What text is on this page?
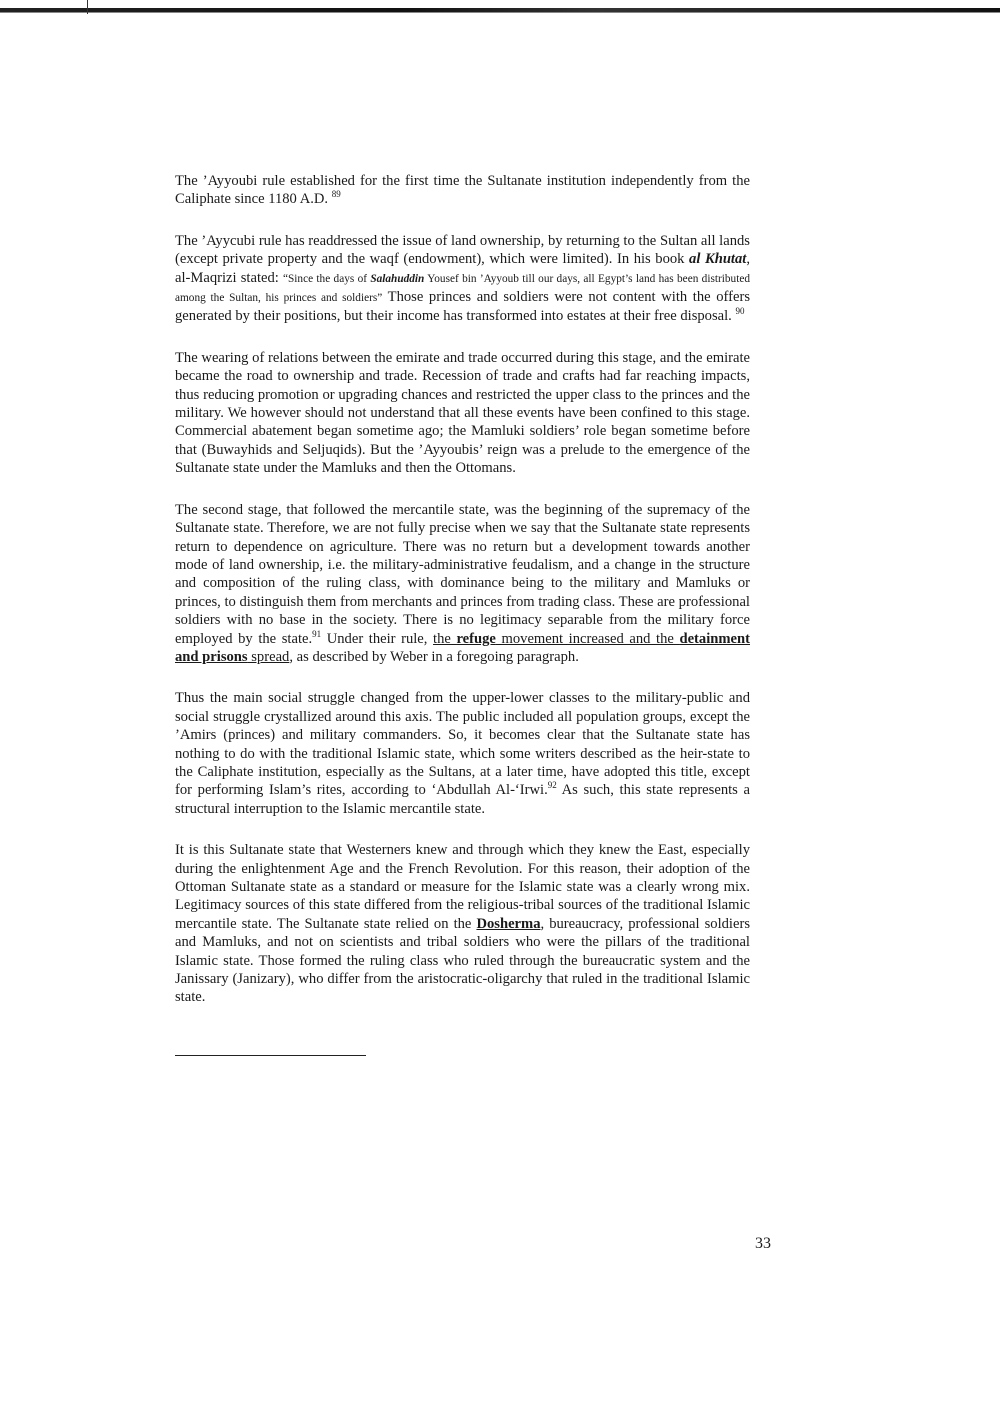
The ’Ayyoubi rule established for the first time the Sultanate institution independently from the Caliphate since 1180 A.D. $^{89}$

The ’Ayycubi rule has readdressed the issue of land ownership, by returning to the Sultan all lands (except private property and the waqf (endowment), which were limited). In his book al Khutat, al-Maqrizi stated: “Since the days of Salahuddin Yousef bin ’Ayyoub till our days, all Egypt’s land has been distributed among the Sultan, his princes and soldiers” Those princes and soldiers were not content with the offers generated by their positions, but their income has transformed into estates at their free disposal. $^{90}$

The wearing of relations between the emirate and trade occurred during this stage, and the emirate became the road to ownership and trade. Recession of trade and crafts had far reaching impacts, thus reducing promotion or upgrading chances and restricted the upper class to the princes and the military. We however should not understand that all these events have been confined to this stage. Commercial abatement began sometime ago; the Mamluki soldiers’ role began sometime before that (Buwayhids and Seljuqids). But the ’Ayyoubis’ reign was a prelude to the emergence of the Sultanate state under the Mamluks and then the Ottomans.

The second stage, that followed the mercantile state, was the beginning of the supremacy of the Sultanate state. Therefore, we are not fully precise when we say that the Sultanate state represents return to dependence on agriculture. There was no return but a development towards another mode of land ownership, i.e. the military-administrative feudalism, and a change in the structure and composition of the ruling class, with dominance being to the military and Mamluks or princes, to distinguish them from merchants and princes from trading class. These are professional soldiers with no base in the society. There is no legitimacy separable from the military force employed by the state.$^{91}$ Under their rule, the refuge movement increased and the detainment and prisons spread, as described by Weber in a foregoing paragraph.

Thus the main social struggle changed from the upper-lower classes to the military-public and social struggle crystallized around this axis. The public included all population groups, except the ’Amirs (princes) and military commanders. So, it becomes clear that the Sultanate state has nothing to do with the traditional Islamic state, which some writers described as the heir-state to the Caliphate institution, especially as the Sultans, at a later time, have adopted this title, except for performing Islam’s rites, according to ‘Abdullah Al-‘Irwi.$^{92}$ As such, this state represents a structural interruption to the Islamic mercantile state.

It is this Sultanate state that Westerners knew and through which they knew the East, especially during the enlightenment Age and the French Revolution. For this reason, their adoption of the Ottoman Sultanate state as a standard or measure for the Islamic state was a clearly wrong mix. Legitimacy sources of this state differed from the religious-tribal sources of the traditional Islamic mercantile state. The Sultanate state relied on the Dosherma, bureaucracy, professional soldiers and Mamluks, and not on scientists and tribal soldiers who were the pillars of the traditional Islamic state. Those formed the ruling class who ruled through the bureaucratic system and the Janissary (Janizary), who differ from the aristocratic-oligarchy that ruled in the traditional Islamic state.

33
